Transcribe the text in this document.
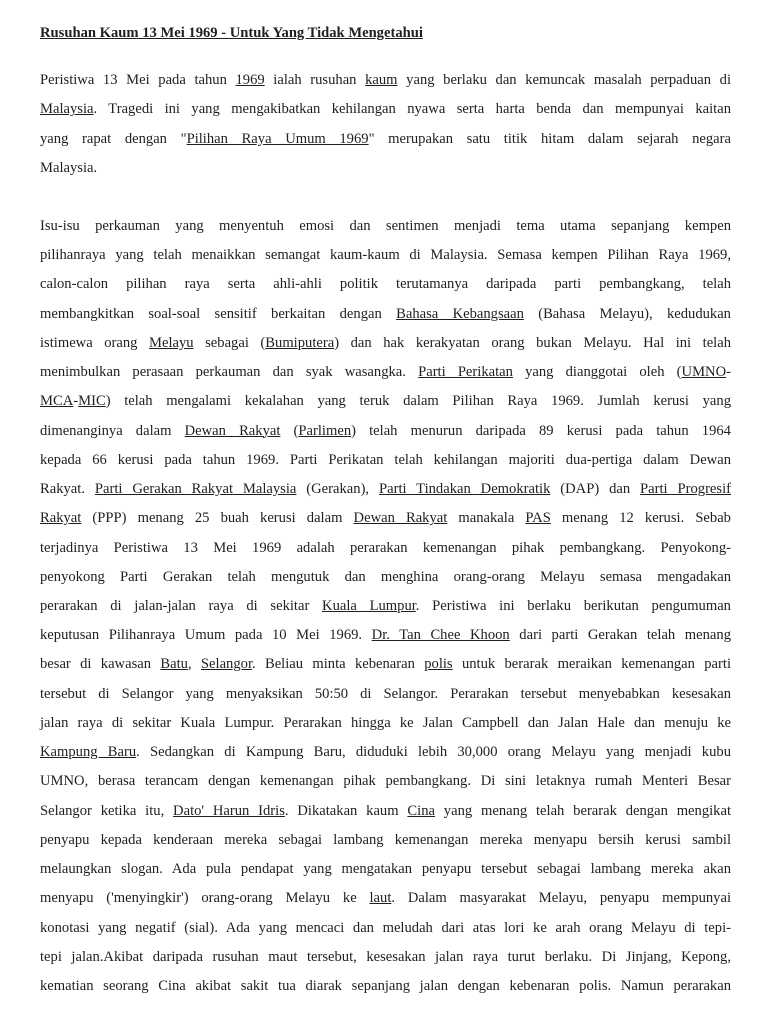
Rusuhan Kaum 13 Mei 1969 - Untuk Yang Tidak Mengetahui
Peristiwa 13 Mei pada tahun 1969 ialah rusuhan kaum yang berlaku dan kemuncak masalah perpaduan di
Malaysia. Tragedi ini yang mengakibatkan kehilangan nyawa serta harta benda dan mempunyai kaitan
yang rapat dengan "Pilihan Raya Umum 1969" merupakan satu titik hitam dalam sejarah negara
Malaysia.
Isu-isu perkauman yang menyentuh emosi dan sentimen menjadi tema utama sepanjang kempen
pilihanraya yang telah menaikkan semangat kaum-kaum di Malaysia. Semasa kempen Pilihan Raya 1969,
calon-calon pilihan raya serta ahli-ahli politik terutamanya daripada parti pembangkang, telah
membangkitkan soal-soal sensitif berkaitan dengan Bahasa Kebangsaan (Bahasa Melayu), kedudukan
istimewa orang Melayu sebagai (Bumiputera) dan hak kerakyatan orang bukan Melayu. Hal ini telah
menimbulkan perasaan perkauman dan syak wasangka. Parti Perikatan yang dianggotai oleh (UMNO-
MCA-MIC) telah mengalami kekalahan yang teruk dalam Pilihan Raya 1969. Jumlah kerusi yang
dimenanginya dalam Dewan Rakyat (Parlimen) telah menurun daripada 89 kerusi pada tahun 1964
kepada 66 kerusi pada tahun 1969. Parti Perikatan telah kehilangan majoriti dua-pertiga dalam Dewan
Rakyat. Parti Gerakan Rakyat Malaysia (Gerakan), Parti Tindakan Demokratik (DAP) dan Parti Progresif
Rakyat (PPP) menang 25 buah kerusi dalam Dewan Rakyat manakala PAS menang 12 kerusi. Sebab
terjadinya Peristiwa 13 Mei 1969 adalah perarakan kemenangan pihak pembangkang. Penyokong-
penyokong Parti Gerakan telah mengutuk dan menghina orang-orang Melayu semasa mengadakan
perarakan di jalan-jalan raya di sekitar Kuala Lumpur. Peristiwa ini berlaku berikutan pengumuman
keputusan Pilihanraya Umum pada 10 Mei 1969. Dr. Tan Chee Khoon dari parti Gerakan telah menang
besar di kawasan Batu, Selangor. Beliau minta kebenaran polis untuk berarak meraikan kemenangan parti
tersebut di Selangor yang menyaksikan 50:50 di Selangor. Perarakan tersebut menyebabkan kesesakan
jalan raya di sekitar Kuala Lumpur. Perarakan hingga ke Jalan Campbell dan Jalan Hale dan menuju ke
Kampung Baru. Sedangkan di Kampung Baru, diduduki lebih 30,000 orang Melayu yang menjadi kubu
UMNO, berasa terancam dengan kemenangan pihak pembangkang. Di sini letaknya rumah Menteri Besar
Selangor ketika itu, Dato' Harun Idris. Dikatakan kaum Cina yang menang telah berarak dengan mengikat
penyapu kepada kenderaan mereka sebagai lambang kemenangan mereka menyapu bersih kerusi sambil
melaungkan slogan. Ada pula pendapat yang mengatakan penyapu tersebut sebagai lambang mereka akan
menyapu ('menyingkir') orang-orang Melayu ke laut. Dalam masyarakat Melayu, penyapu mempunyai
konotasi yang negatif (sial). Ada yang mencaci dan meludah dari atas lori ke arah orang Melayu di tepi-
tepi jalan.Akibat daripada rusuhan maut tersebut, kesesakan jalan raya turut berlaku. Di Jinjang, Kepong,
kematian seorang Cina akibat sakit tua diarak sepanjang jalan dengan kebenaran polis. Namun perarakan
